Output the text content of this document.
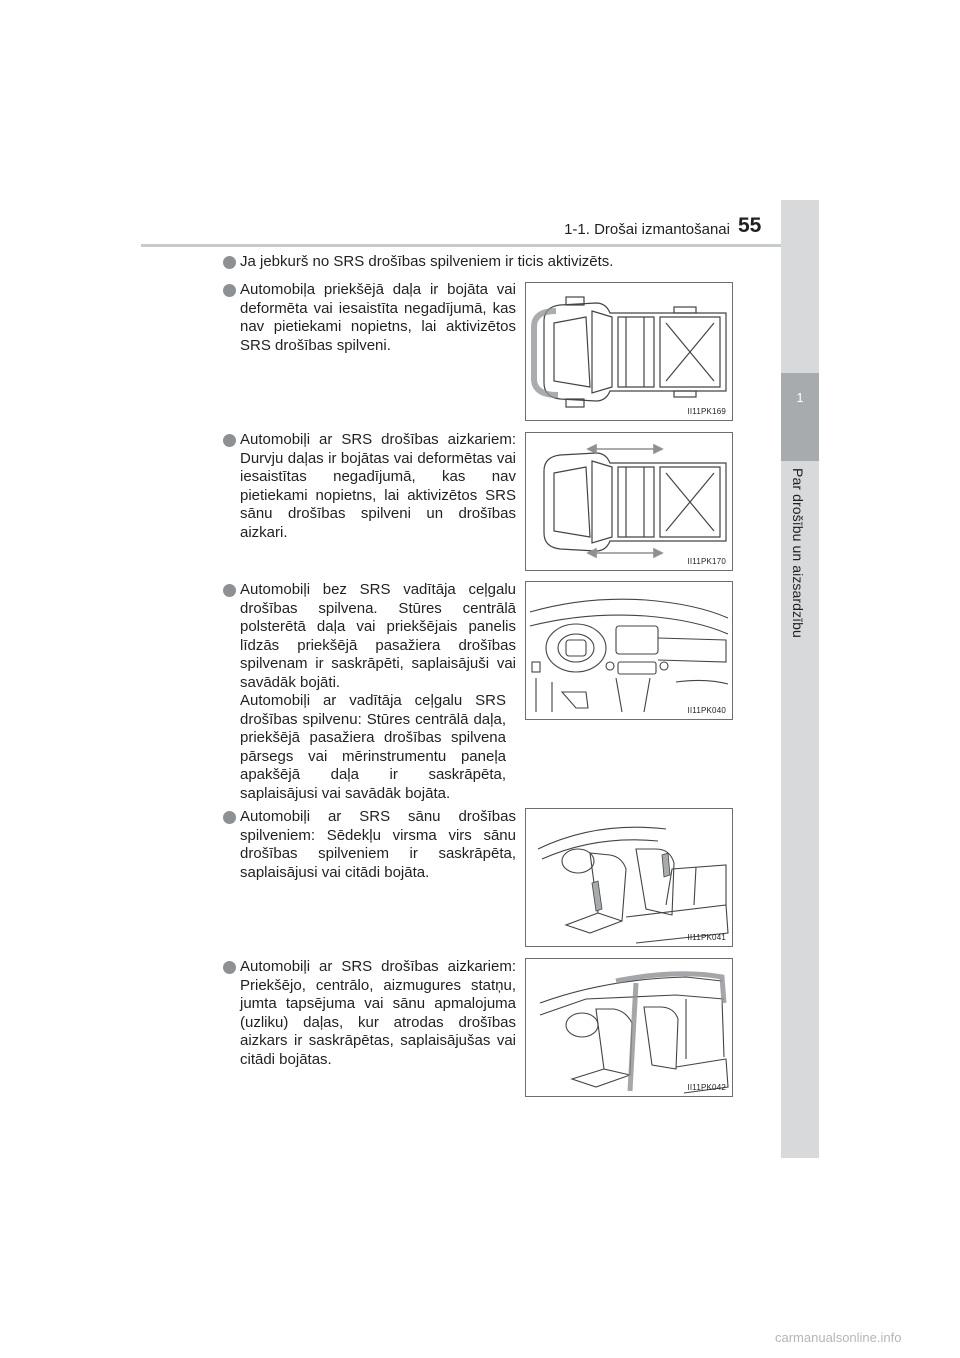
1-1. Drošai izmantošanai 55
1
Par drošību un aizsardzību
Ja jebkurš no SRS drošības spilveniem ir ticis aktivizēts.
Automobiļa priekšējā daļa ir bojāta vai deformēta vai iesaistīta negadījumā, kas nav pietiekami nopietns, lai aktivizētos SRS drošības spilveni.
II11PK169
Automobiļi ar SRS drošības aizkariem: Durvju daļas ir bojātas vai deformētas vai iesaistītas negadījumā, kas nav pietiekami nopietns, lai aktivizētos SRS sānu drošības spilveni un drošības aizkari.
II11PK170
Automobiļi bez SRS vadītāja ceļgalu drošības spilvena. Stūres centrālā polsterētā daļa vai priekšējais panelis līdzās priekšējā pasažiera drošības spilvenam ir saskrāpēti, saplaisājuši vai savādāk bojāti.
Automobiļi ar vadītāja ceļgalu SRS drošības spilvenu: Stūres centrālā daļa, priekšējā pasažiera drošības spilvena pārsegs vai mērinstrumentu paneļa apakšējā daļa ir saskrāpēta, saplaisājusi vai savādāk bojāta.
II11PK040
Automobiļi ar SRS sānu drošības spilveniem: Sēdekļu virsma virs sānu drošības spilveniem ir saskrāpēta, saplaisājusi vai citādi bojāta.
II11PK041
Automobiļi ar SRS drošības aizkariem: Priekšējo, centrālo, aizmugures statņu, jumta tapsējuma vai sānu apmalojuma (uzliku) daļas, kur atrodas drošības aizkars ir saskrāpētas, saplaisājušas vai citādi bojātas.
II11PK042
carmanualsonline.info
